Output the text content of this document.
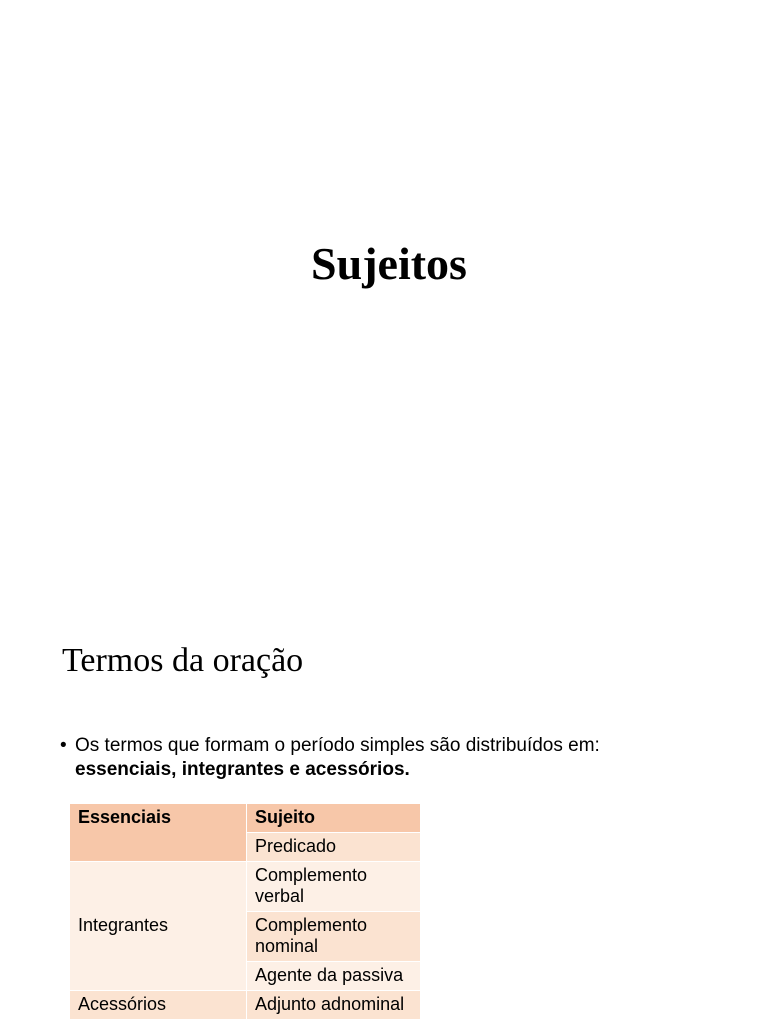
Sujeitos
Termos da oração
• Os termos que formam o período simples são distribuídos em:
essenciais, integrantes e acessórios.
Essenciais	Sujeito
	Predicado
Integrantes	Complemento verbal
	Complemento nominal
	Agente da passiva
Acessórios	Adjunto adnominal
